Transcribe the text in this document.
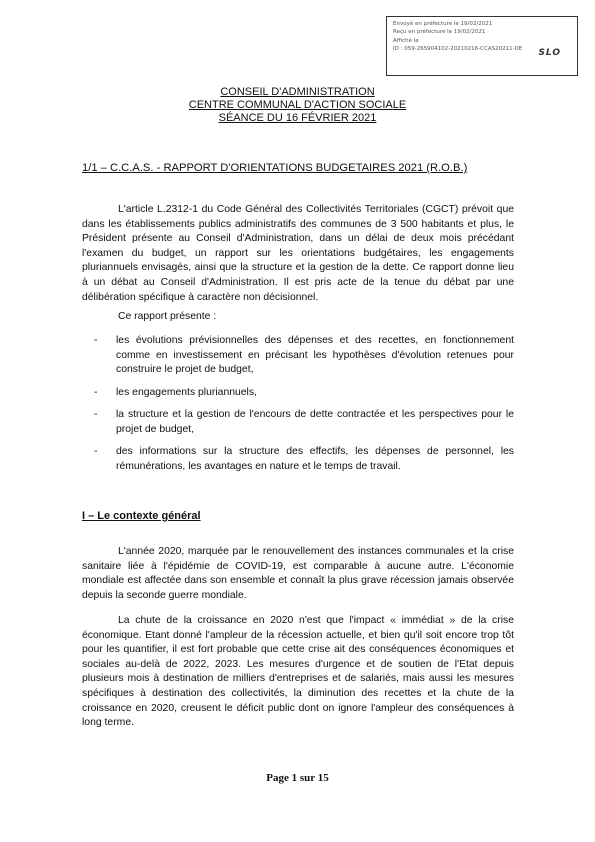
Envoyé en préfecture le 19/02/2021
Reçu en préfecture le 19/02/2021
Affiché le
ID : 059-265904102-20210216-CCAS20211-DE	SLO
CONSEIL D'ADMINISTRATION
CENTRE COMMUNAL D'ACTION SOCIALE
SÉANCE DU 16 FÉVRIER 2021
1/1 – C.C.A.S. - RAPPORT D'ORIENTATIONS BUDGETAIRES 2021 (R.O.B.)

L'article L.2312-1 du Code Général des Collectivités Territoriales (CGCT) prévoit que dans les établissements publics administratifs des communes de 3 500 habitants et plus, le Président présente au Conseil d'Administration, dans un délai de deux mois précédant l'examen du budget, un rapport sur les orientations budgétaires, les engagements pluriannuels envisagés, ainsi que la structure et la gestion de la dette. Ce rapport donne lieu à un débat au Conseil d'Administration. Il est pris acte de la tenue du débat par une délibération spécifique à caractère non décisionnel.

Ce rapport présente :
- les évolutions prévisionnelles des dépenses et des recettes, en fonctionnement comme en investissement en précisant les hypothèses d'évolution retenues pour construire le projet de budget,
- les engagements pluriannuels,
- la structure et la gestion de l'encours de dette contractée et les perspectives pour le projet de budget,
- des informations sur la structure des effectifs, les dépenses de personnel, les rémunérations, les avantages en nature et le temps de travail.
I – Le contexte général

L'année 2020, marquée par le renouvellement des instances communales et la crise sanitaire liée à l'épidémie de COVID-19, est comparable à aucune autre. L'économie mondiale est affectée dans son ensemble et connaît la plus grave récession jamais observée depuis la seconde guerre mondiale.

La chute de la croissance en 2020 n'est que l'impact « immédiat » de la crise économique. Etant donné l'ampleur de la récession actuelle, et bien qu'il soit encore trop tôt pour les quantifier, il est fort probable que cette crise ait des conséquences économiques et sociales au-delà de 2022, 2023. Les mesures d'urgence et de soutien de l'Etat depuis plusieurs mois à destination de milliers d'entreprises et de salariés, mais aussi les mesures spécifiques à destination des collectivités, la diminution des recettes et la chute de la croissance en 2020, creusent le déficit public dont on ignore l'ampleur des conséquences à long terme.

Page 1 sur 15
